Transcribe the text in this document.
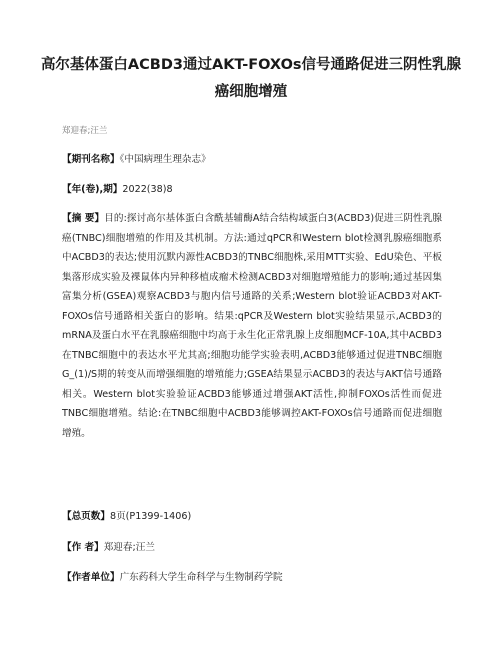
高尔基体蛋白ACBD3通过AKT-FOXOs信号通路促进三阴性乳腺癌细胞增殖
郑迎春;汪兰
【期刊名称】《中国病理生理杂志》
【年(卷),期】2022(38)8
【摘 要】目的:探讨高尔基体蛋白含酰基辅酶A结合结构域蛋白3(ACBD3)促进三阴性乳腺癌(TNBC)细胞增殖的作用及其机制。方法:通过qPCR和Western blot检测乳腺癌细胞系中ACBD3的表达;使用沉默内源性ACBD3的TNBC细胞株,采用MTT实验、EdU染色、平板集落形成实验及裸鼠体内异种移植成瘤术检测ACBD3对细胞增殖能力的影响;通过基因集富集分析(GSEA)观察ACBD3与胞内信号通路的关系;Western blot验证ACBD3对AKT-FOXOs信号通路相关蛋白的影响。结果:qPCR及Western blot实验结果显示,ACBD3的mRNA及蛋白水平在乳腺癌细胞中均高于永生化正常乳腺上皮细胞MCF-10A,其中ACBD3在TNBC细胞中的表达水平尤其高;细胞功能学实验表明,ACBD3能够通过促进TNBC细胞G_(1)/S期的转变从而增强细胞的增殖能力;GSEA结果显示ACBD3的表达与AKT信号通路相关。Western blot实验验证ACBD3能够通过增强AKT活性,抑制FOXOs活性而促进TNBC细胞增殖。结论:在TNBC细胞中ACBD3能够调控AKT-FOXOs信号通路而促进细胞增殖。
【总页数】8页(P1399-1406)
【作 者】郑迎春;汪兰
【作者单位】广东药科大学生命科学与生物制药学院
